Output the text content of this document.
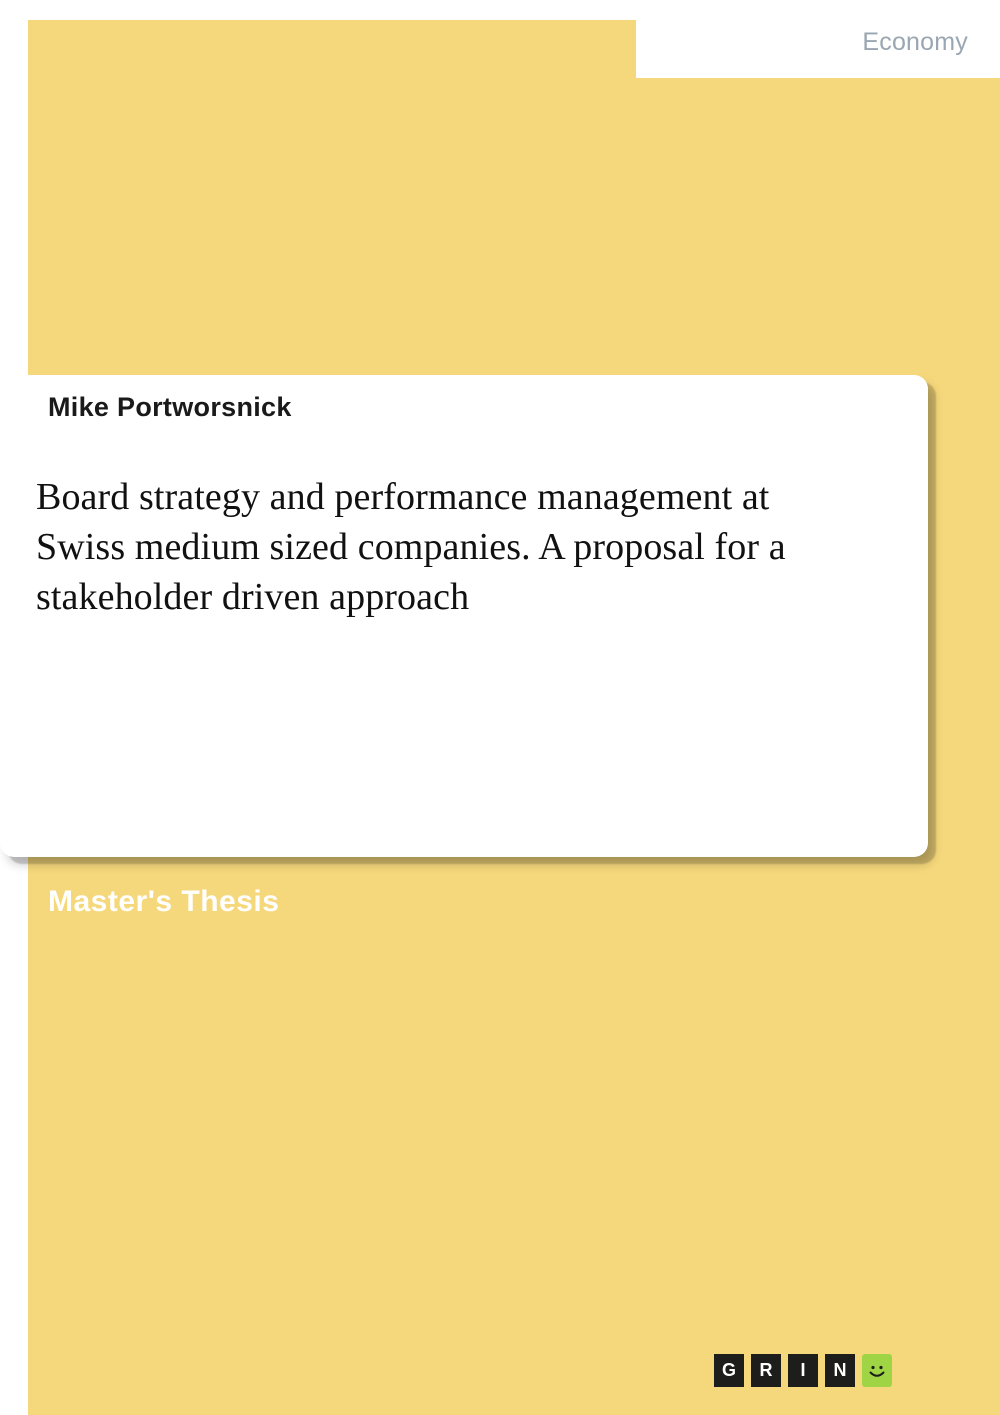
Economy
Mike Portworsnick
Board strategy and performance management at Swiss medium sized companies. A proposal for a stakeholder driven approach
Master's Thesis
G	R	I	N
